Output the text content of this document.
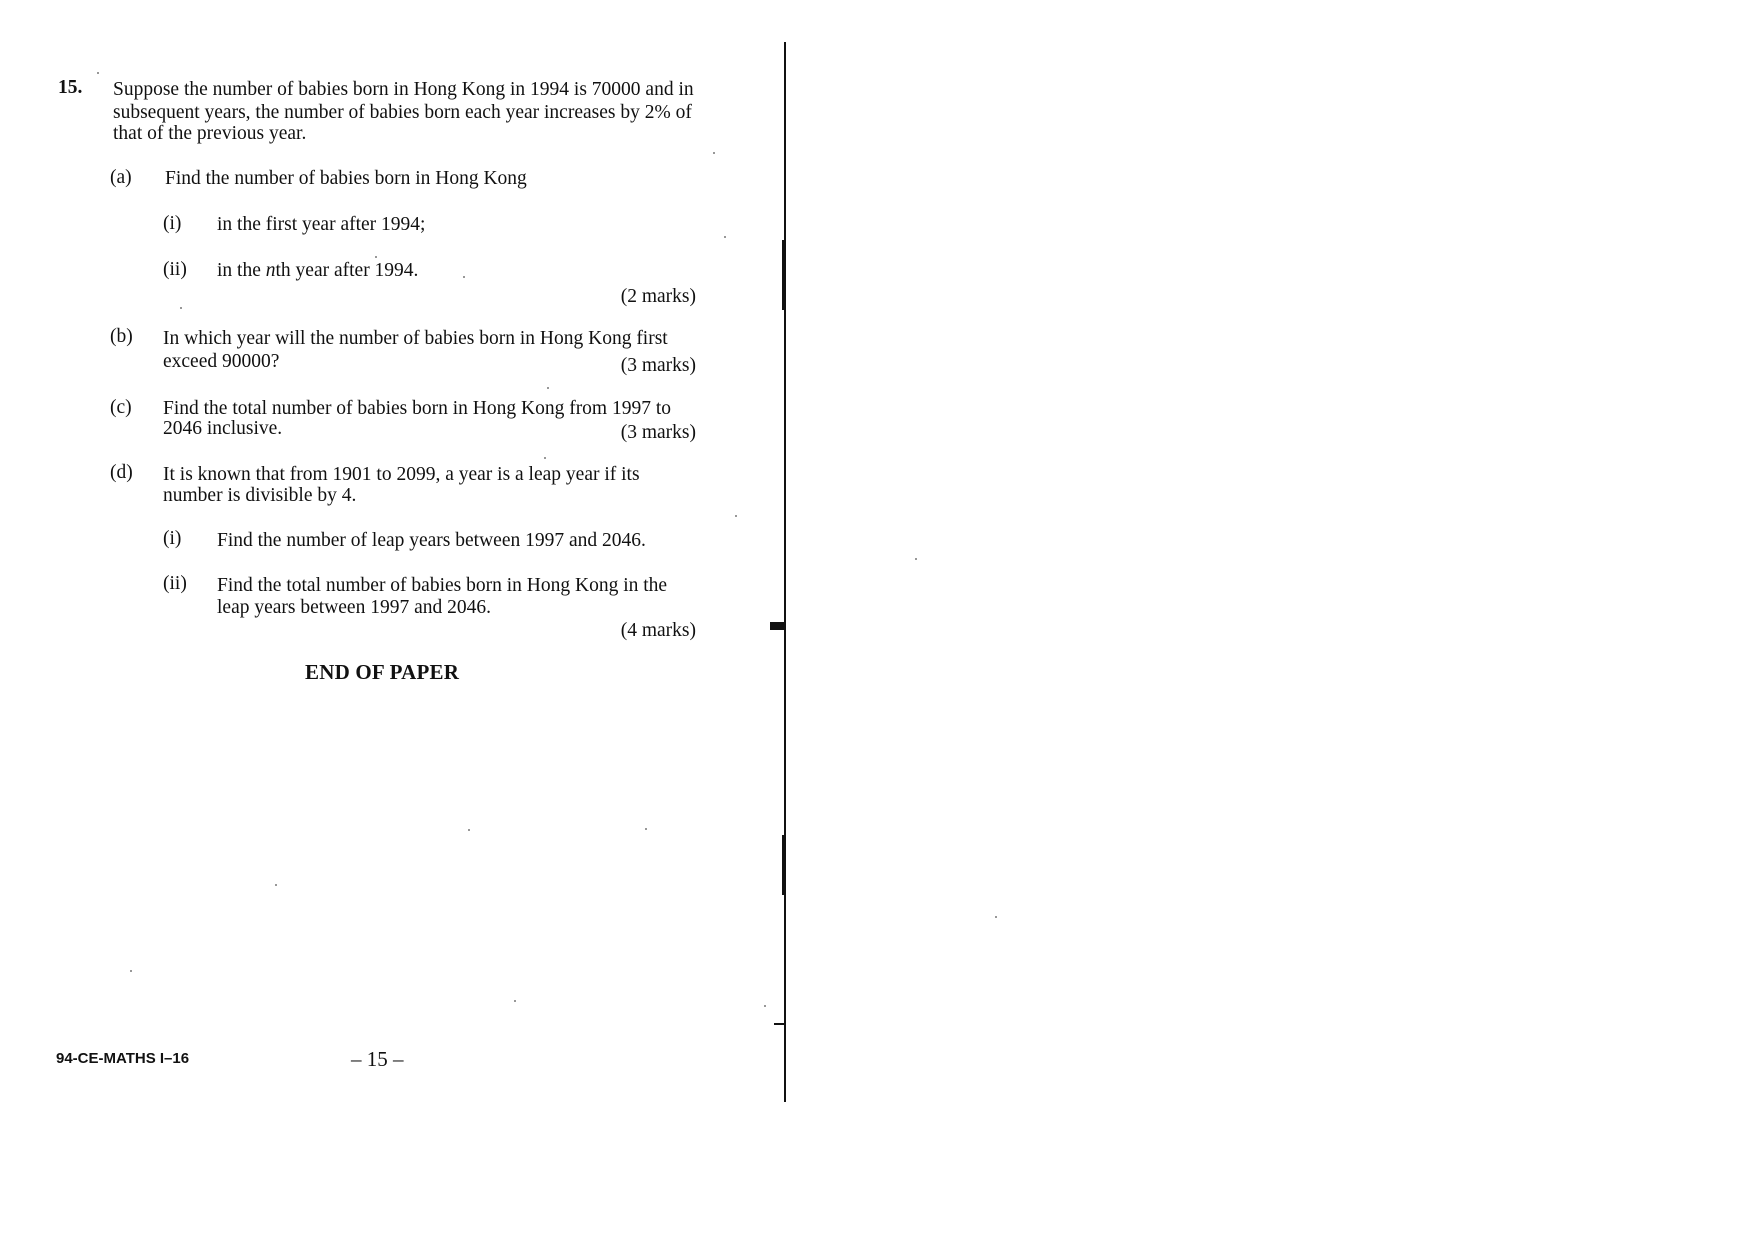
15. Suppose the number of babies born in Hong Kong in 1994 is 70000 and in
subsequent years, the number of babies born each year increases by 2% of
that of the previous year.
(a) Find the number of babies born in Hong Kong
(i) in the first year after 1994;
(ii) in the nth year after 1994.
(2 marks)
(b) In which year will the number of babies born in Hong Kong first
exceed 90000?	(3 marks)
(c) Find the total number of babies born in Hong Kong from 1997 to
2046 inclusive.	(3 marks)
(d) It is known that from 1901 to 2099, a year is a leap year if its
number is divisible by 4.
(i) Find the number of leap years between 1997 and 2046.
(ii) Find the total number of babies born in Hong Kong in the
leap years between 1997 and 2046.
(4 marks)
END OF PAPER
94-CE-MATHS I–16	– 15 –
